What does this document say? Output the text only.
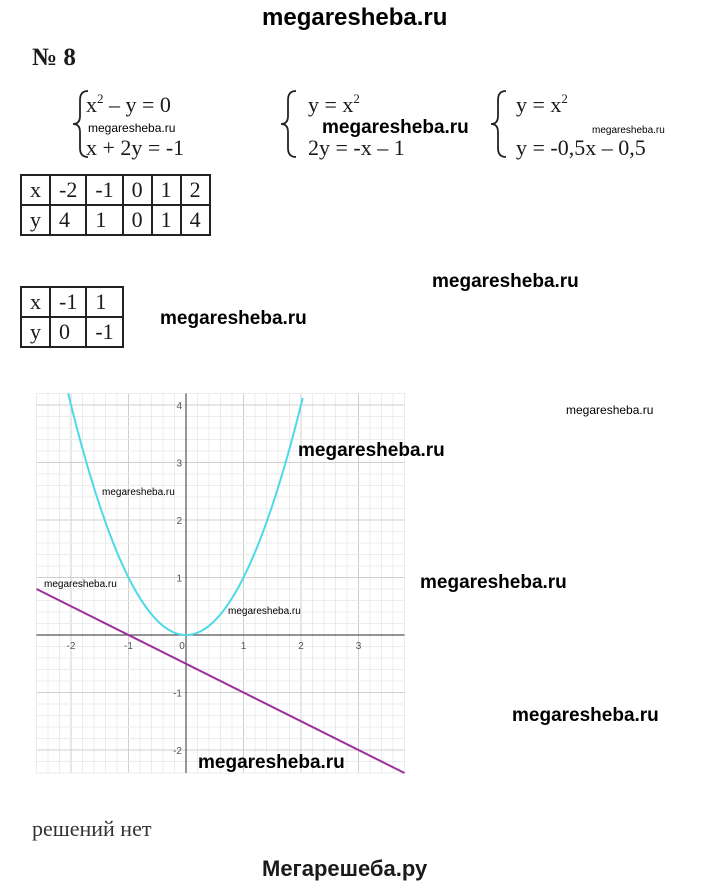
megaresheba.ru
№ 8
$x^2 - y = 0$
x + 2y = -1
$y = x^2$
2y = -x – 1
$y = x^2$
y = -0,5x – 0,5
megaresheba.ru	megaresheba.ru	megaresheba.ru
x	-2	-1	0	1	2
y	4	1	0	1	4
x	-1	1
y	0	-1
megaresheba.ru
megaresheba.ru
-2	-1	0	1	2	3
-2
-1
1
2
3
4	megaresheba.ru
megaresheba.ru
megaresheba.ru
megaresheba.ru	megaresheba.ru
megaresheba.ru
megaresheba.ru
megaresheba.ru
решений нет
Мегарешеба.ру
